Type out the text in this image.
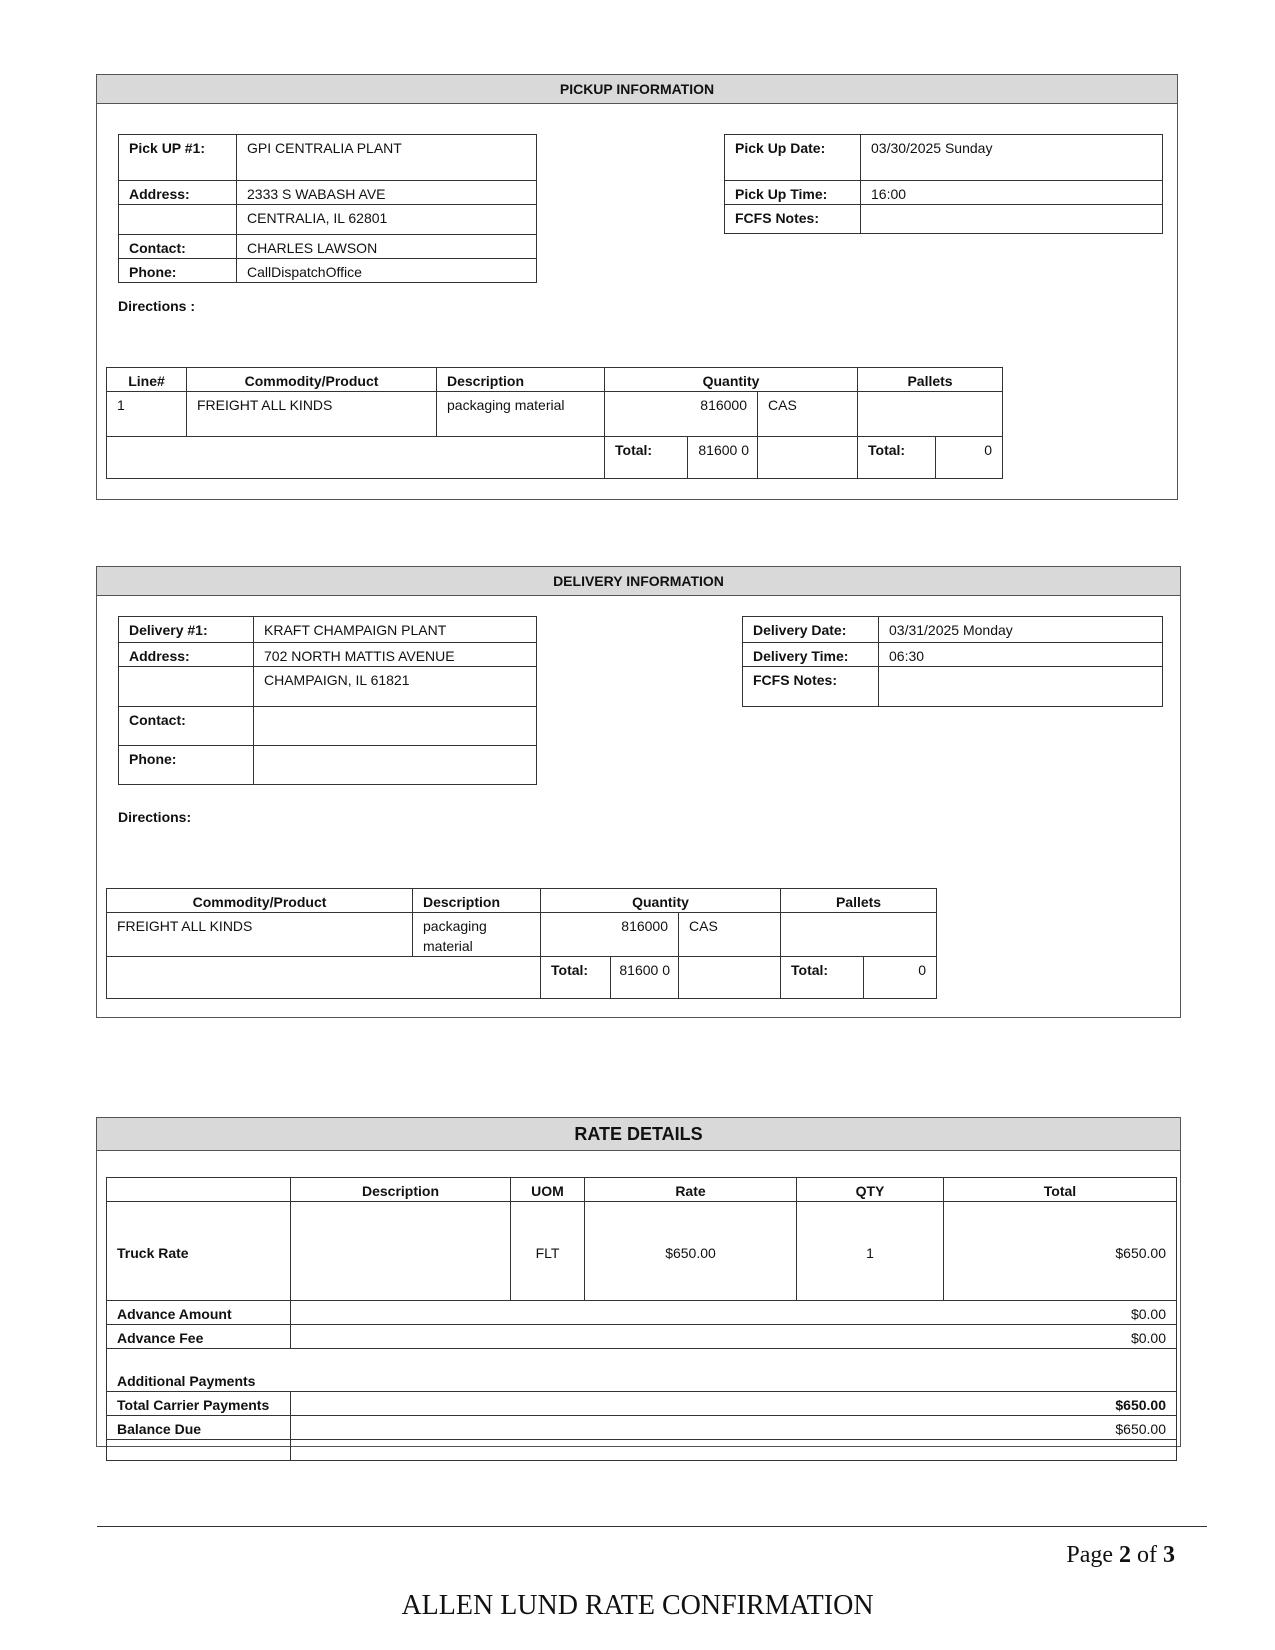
PICKUP INFORMATION
Pick UP #1:	GPI CENTRALIA PLANT
Address:	2333 S WABASH AVE
	CENTRALIA, IL 62801
Contact:	CHARLES LAWSON
Phone:	CallDispatchOffice
Pick Up Date:	03/30/2025 Sunday
Pick Up Time:	16:00
FCFS Notes:	
Directions :
Line#	Commodity/Product	Description	Quantity			Pallets	
1	FREIGHT ALL KINDS	packaging material	816000		CAS		
			Total:	81600 0		Total:	0
DELIVERY INFORMATION
Delivery #1:	KRAFT CHAMPAIGN PLANT
Address:	702 NORTH MATTIS AVENUE
	CHAMPAIGN, IL 61821
Contact:	
Phone:	
Delivery Date:	03/31/2025 Monday
Delivery Time:	06:30
FCFS Notes:	
Directions:
Commodity/Product	Description	Quantity			Pallets	
FREIGHT ALL KINDS	packaging material	816000		CAS		
		Total:	81600 0		Total:	0
RATE DETAILS
	Description	UOM	Rate	QTY	Total
Truck Rate		FLT	$650.00	1	$650.00
Advance Amount	$0.00				
Advance Fee	$0.00				
Additional Payments					
Total Carrier Payments	$650.00				
Balance Due	$650.00				

Page 2 of 3
ALLEN LUND RATE CONFIRMATION
